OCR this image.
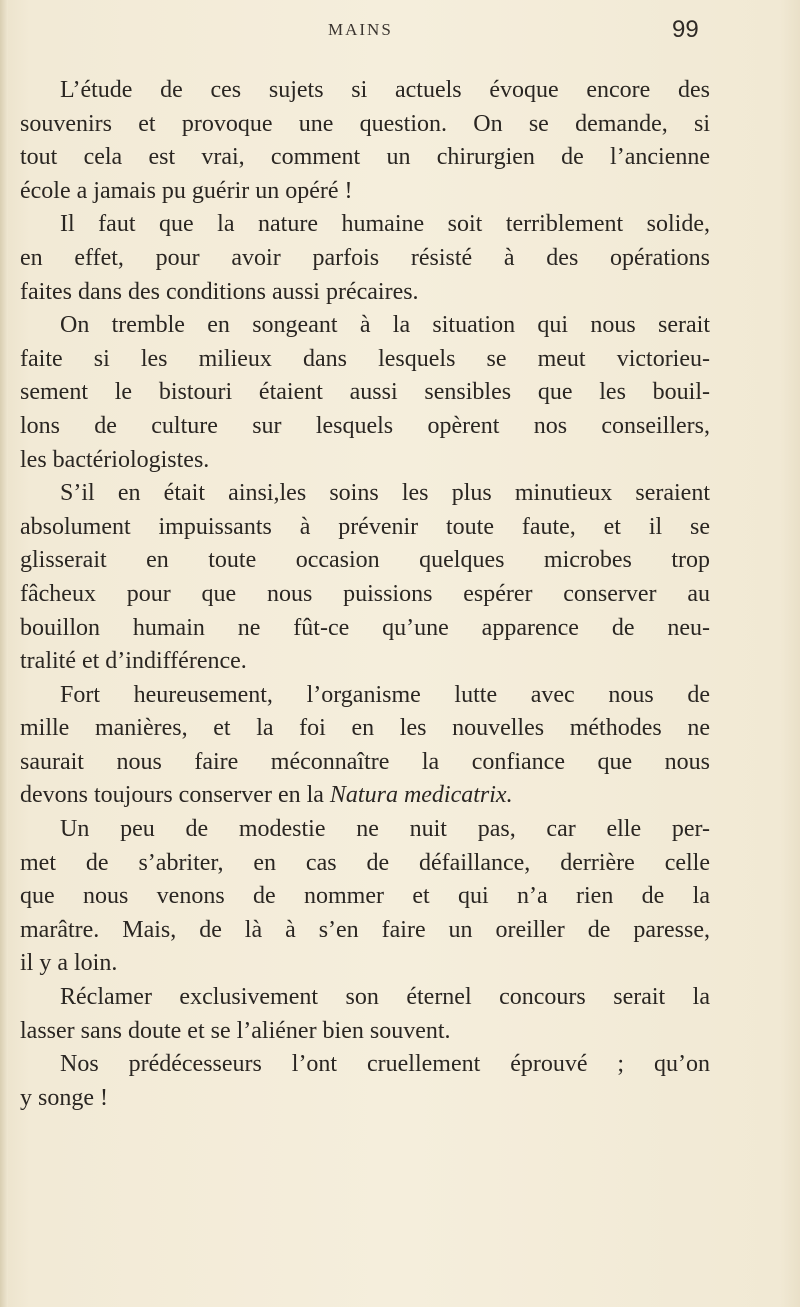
MAINS	99
L’étude de ces sujets si actuels évoque encore des
souvenirs et provoque une question. On se demande, si
tout cela est vrai, comment un chirurgien de l’ancienne
école a jamais pu guérir un opéré !
Il faut que la nature humaine soit terriblement solide,
en effet, pour avoir parfois résisté à des opérations
faites dans des conditions aussi précaires.
On tremble en songeant à la situation qui nous serait
faite si les milieux dans lesquels se meut victorieu-
sement le bistouri étaient aussi sensibles que les bouil-
lons de culture sur lesquels opèrent nos conseillers,
les bactériologistes.
S’il en était ainsi,les soins les plus minutieux seraient
absolument impuissants à prévenir toute faute, et il se
glisserait en toute occasion quelques microbes trop
fâcheux pour que nous puissions espérer conserver au
bouillon humain ne fût-ce qu’une apparence de neu-
tralité et d’indifférence.
Fort heureusement, l’organisme lutte avec nous de
mille manières, et la foi en les nouvelles méthodes ne
saurait nous faire méconnaître la confiance que nous
devons toujours conserver en la Natura medicatrix.
Un peu de modestie ne nuit pas, car elle per-
met de s’abriter, en cas de défaillance, derrière celle
que nous venons de nommer et qui n’a rien de la
marâtre. Mais, de là à s’en faire un oreiller de paresse,
il y a loin.
Réclamer exclusivement son éternel concours serait la
lasser sans doute et se l’aliéner bien souvent.
Nos prédécesseurs l’ont cruellement éprouvé ; qu’on
y songe !
